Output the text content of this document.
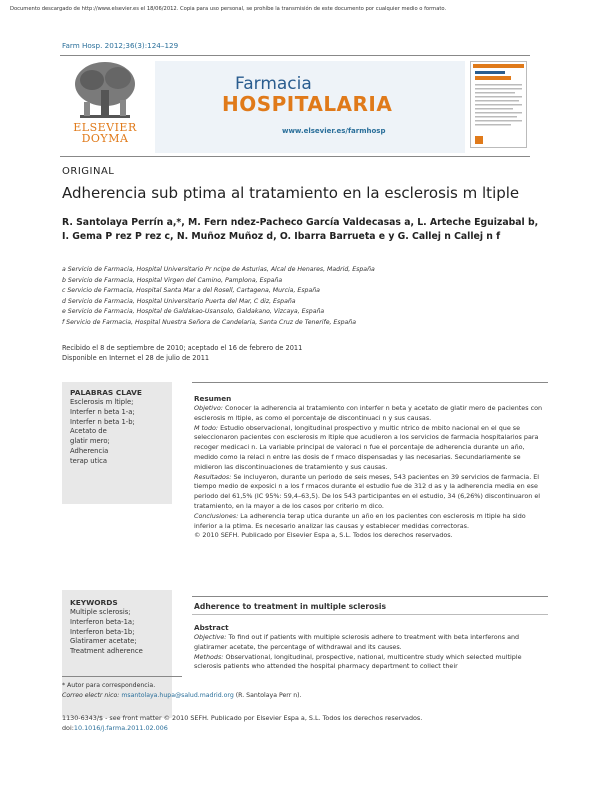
Documento descargado de http://www.elsevier.es el 18/06/2012. Copia para uso personal, se prohíbe la transmisión de este documento por cualquier medio o formato.
Farm Hosp. 2012;36(3):124–129
ELSEVIER
DOYMA
Farmacia
HOSPITALARIA
www.elsevier.es/farmhosp
ORIGINAL
Adherencia sub ptima al tratamiento en la esclerosis m ltiple
R. Santolaya Perrín a,*, M. Fern ndez-Pacheco García Valdecasas a, L. Arteche Eguizabal b,
I. Gema P rez P rez c, N. Muñoz Muñoz d, O. Ibarra Barrueta e y G. Callej n Callej n f
a Servicio de Farmacia, Hospital Universitario Pr ncipe de Asturias, Alcal de Henares, Madrid, España
b Servicio de Farmacia, Hospital Virgen del Camino, Pamplona, España
c Servicio de Farmacia, Hospital Santa Mar a del Rosell, Cartagena, Murcia, España
d Servicio de Farmacia, Hospital Universitario Puerta del Mar, C diz, España
e Servicio de Farmacia, Hospital de Galdakao-Usansolo, Galdakano, Vizcaya, España
f Servicio de Farmacia, Hospital Nuestra Señora de Candelaria, Santa Cruz de Tenerife, España
Recibido el 8 de septiembre de 2010; aceptado el 16 de febrero de 2011
Disponible en Internet el 28 de julio de 2011
PALABRAS CLAVE
Esclerosis m ltiple;
Interfer n beta 1-a;
Interfer n beta 1-b;
Acetato de
glatir mero;
Adherencia
terap utica
Resumen
Objetivo: Conocer la adherencia al tratamiento con interfer n beta y acetato de glatir mero de pacientes con esclerosis m ltiple, as como el porcentaje de discontinuaci n y sus causas.
M todo: Estudio observacional, longitudinal prospectivo y multic ntrico de mbito nacional en el que se seleccionaron pacientes con esclerosis m ltiple que acudieron a los servicios de farmacia hospitalarios para recoger medicaci n. La variable principal de valoraci n fue el porcentaje de adherencia durante un año, medido como la relaci n entre las dosis de f rmaco dispensadas y las necesarias. Secundariamente se midieron las discontinuaciones de tratamiento y sus causas.
Resultados: Se incluyeron, durante un periodo de seis meses, 543 pacientes en 39 servicios de farmacia. El tiempo medio de exposici n a los f rmacos durante el estudio fue de 312 d as y la adherencia media en ese periodo del 61,5% (IC 95%: 59,4–63,5). De los 543 participantes en el estudio, 34 (6,26%) discontinuaron el tratamiento, en la mayor a de los casos por criterio m dico.
Conclusiones: La adherencia terap utica durante un año en los pacientes con esclerosis m ltiple ha sido inferior a la ptima. Es necesario analizar las causas y establecer medidas correctoras.
© 2010 SEFH. Publicado por Elsevier Espa a, S.L. Todos los derechos reservados.
KEYWORDS
Multiple sclerosis;
Interferon beta-1a;
Interferon beta-1b;
Glatiramer acetate;
Treatment adherence
Adherence to treatment in multiple sclerosis
Abstract
Objective: To find out if patients with multiple sclerosis adhere to treatment with beta interferons and glatiramer acetate, the percentage of withdrawal and its causes.
Methods: Observational, longitudinal, prospective, national, multicentre study which selected multiple sclerosis patients who attended the hospital pharmacy department to collect their
* Autor para correspondencia.
Correo electr nico: msantolaya.hupa@salud.madrid.org (R. Santolaya Perr n).
1130-6343/$ - see front matter © 2010 SEFH. Publicado por Elsevier Espa a, S.L. Todos los derechos reservados.
doi:10.1016/j.farma.2011.02.006
